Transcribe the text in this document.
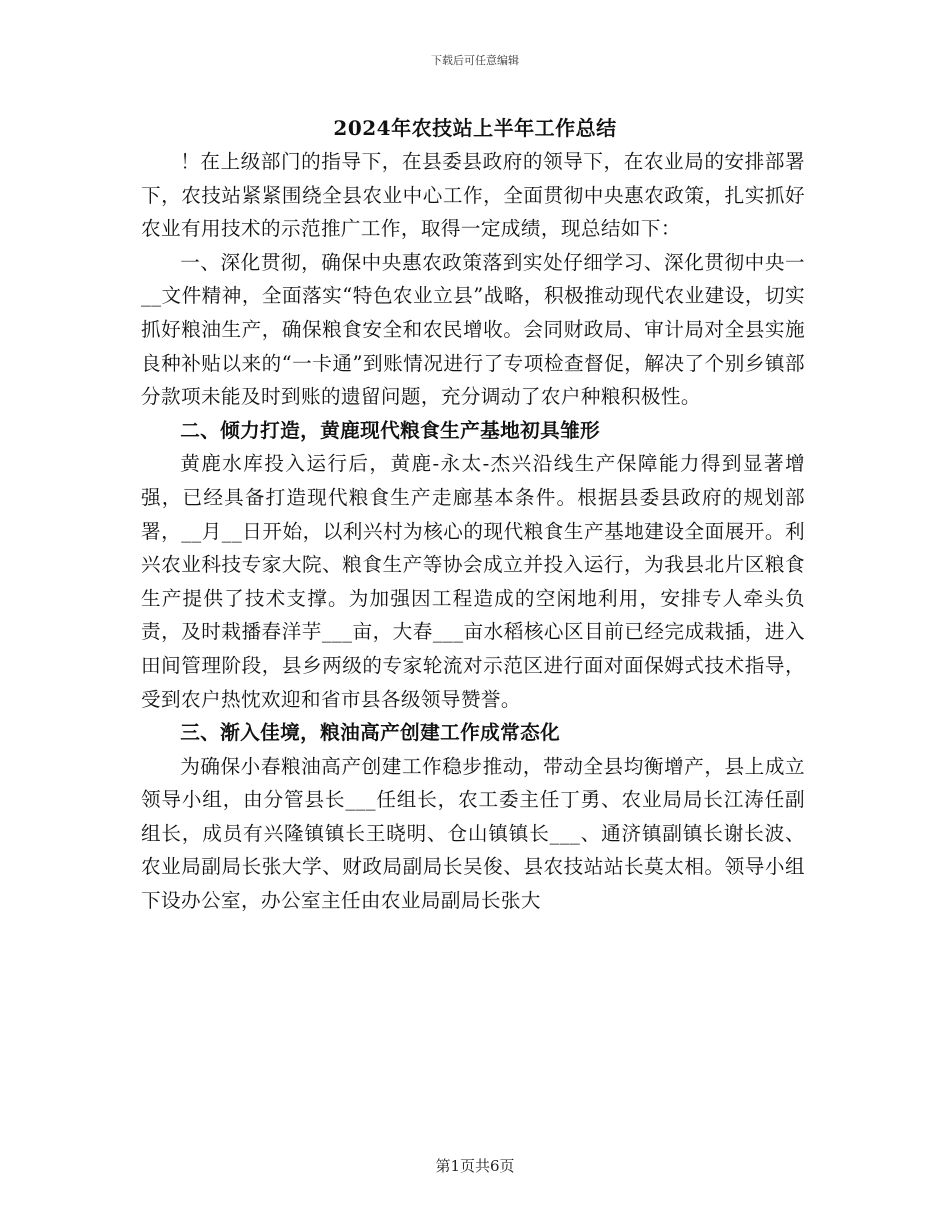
下载后可任意编辑
2024年农技站上半年工作总结

！在上级部门的指导下，在县委县政府的领导下，在农业局的安排部署下，农技站紧紧围绕全县农业中心工作，全面贯彻中央惠农政策，扎实抓好农业有用技术的示范推广工作，取得一定成绩，现总结如下：

一、深化贯彻，确保中央惠农政策落到实处仔细学习、深化贯彻中央一__文件精神，全面落实“特色农业立县”战略，积极推动现代农业建设，切实抓好粮油生产，确保粮食安全和农民增收。会同财政局、审计局对全县实施良种补贴以来的“一卡通”到账情况进行了专项检查督促，解决了个别乡镇部分款项未能及时到账的遗留问题，充分调动了农户种粮积极性。

二、倾力打造，黄鹿现代粮食生产基地初具雏形

黄鹿水库投入运行后，黄鹿-永太-杰兴沿线生产保障能力得到显著增强，已经具备打造现代粮食生产走廊基本条件。根据县委县政府的规划部署，__月__日开始，以利兴村为核心的现代粮食生产基地建设全面展开。利兴农业科技专家大院、粮食生产等协会成立并投入运行，为我县北片区粮食生产提供了技术支撑。为加强因工程造成的空闲地利用，安排专人牵头负责，及时栽播春洋芋___亩，大春___亩水稻核心区目前已经完成栽插，进入田间管理阶段，县乡两级的专家轮流对示范区进行面对面保姆式技术指导，受到农户热忱欢迎和省市县各级领导赞誉。

三、渐入佳境，粮油高产创建工作成常态化

为确保小春粮油高产创建工作稳步推动，带动全县均衡增产，县上成立领导小组，由分管县长___任组长，农工委主任丁勇、农业局局长江涛任副组长，成员有兴隆镇镇长王晓明、仓山镇镇长___、通济镇副镇长谢长波、农业局副局长张大学、财政局副局长吴俊、县农技站站长莫太相。领导小组下设办公室，办公室主任由农业局副局长张大

第1页共6页
